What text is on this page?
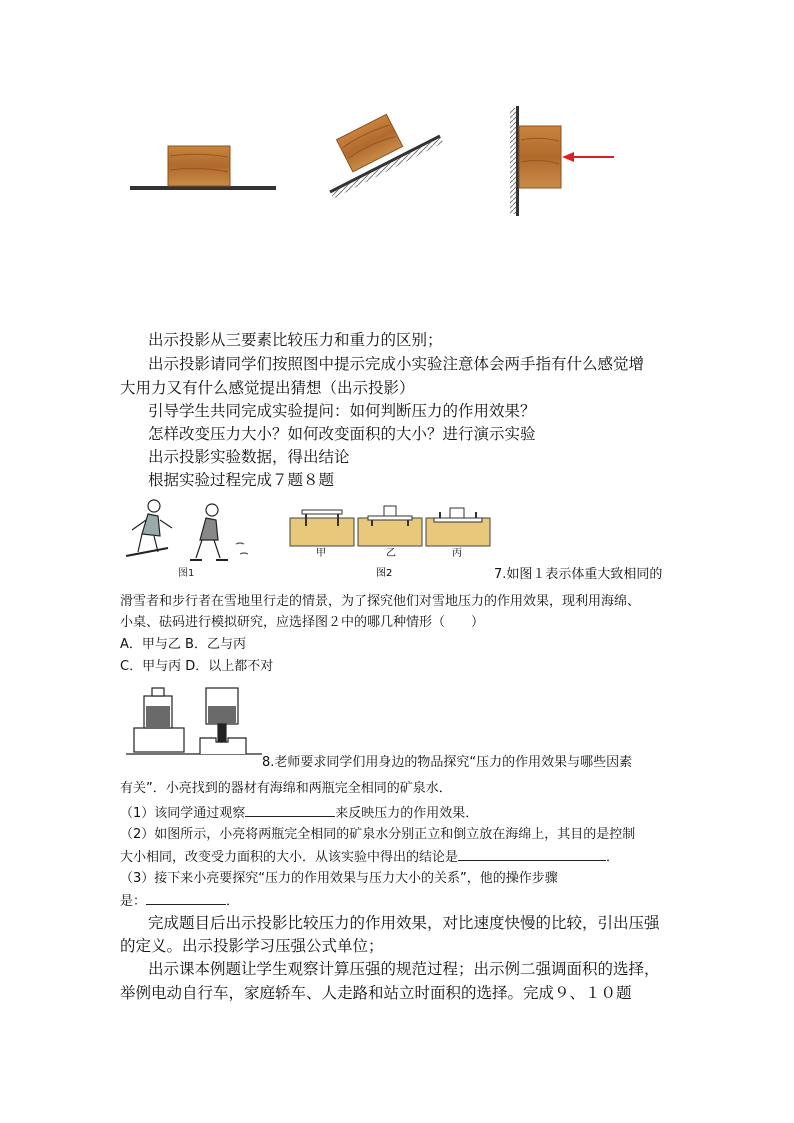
出示投影从三要素比较压力和重力的区别；
出示投影请同学们按照图中提示完成小实验注意体会两手指有什么感觉增
大用力又有什么感觉提出猜想（出示投影）
引导学生共同完成实验提问：如何判断压力的作用效果？
怎样改变压力大小？如何改变面积的大小？进行演示实验
出示投影实验数据，得出结论
根据实验过程完成７题８题
图1
甲	乙	丙
图2	7.如图１表示体重大致相同的
滑雪者和步行者在雪地里行走的情景，为了探究他们对雪地压力的作用效果，现利用海绵、
小桌、砝码进行模拟研究，应选择图２中的哪几种情形（　　）
A．甲与乙 B．乙与丙
C．甲与丙 D．以上都不对
8.老师要求同学们用身边的物品探究“压力的作用效果与哪些因素
有关”．小亮找到的器材有海绵和两瓶完全相同的矿泉水．
（1）该同学通过观察	来反映压力的作用效果．
（2）如图所示，小亮将两瓶完全相同的矿泉水分别正立和倒立放在海绵上，其目的是控制
大小相同，改变受力面积的大小．从该实验中得出的结论是	．
（3）接下来小亮要探究“压力的作用效果与压力大小的关系”，他的操作步骤
是：	．
完成题目后出示投影比较压力的作用效果，对比速度快慢的比较，引出压强
的定义。出示投影学习压强公式单位；
出示课本例题让学生观察计算压强的规范过程；出示例二强调面积的选择，
举例电动自行车，家庭轿车、人走路和站立时面积的选择。完成９、１０题
